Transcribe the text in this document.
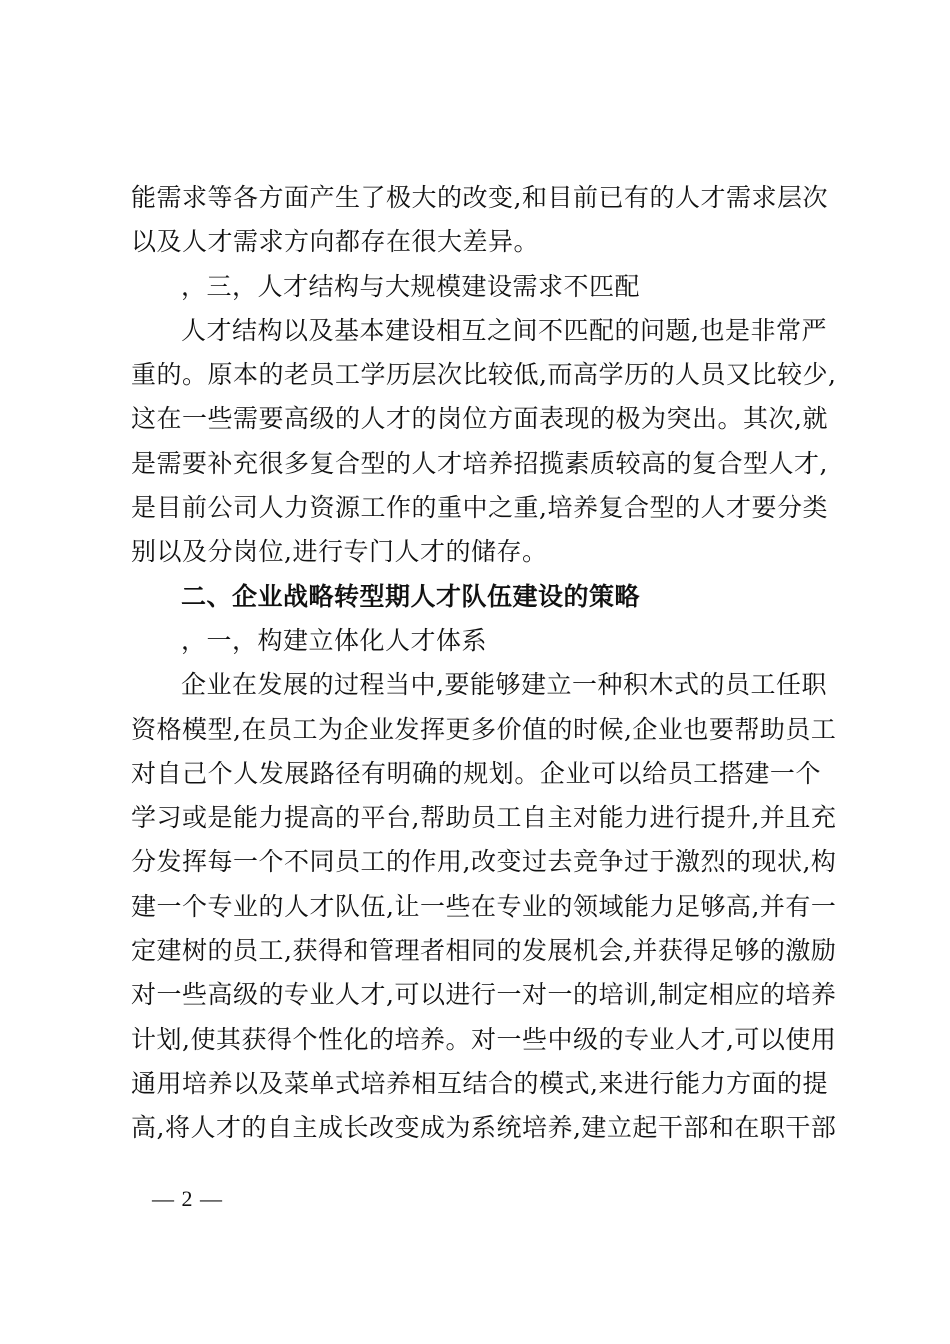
能需求等各方面产生了极大的改变,和目前已有的人才需求层次
以及人才需求方向都存在很大差异。
，三，人才结构与大规模建设需求不匹配
人才结构以及基本建设相互之间不匹配的问题,也是非常严
重的。原本的老员工学历层次比较低,而高学历的人员又比较少,
这在一些需要高级的人才的岗位方面表现的极为突出。其次,就
是需要补充很多复合型的人才培养招揽素质较高的复合型人才,
是目前公司人力资源工作的重中之重,培养复合型的人才要分类
别以及分岗位,进行专门人才的储存。
二、企业战略转型期人才队伍建设的策略
，一，构建立体化人才体系
企业在发展的过程当中,要能够建立一种积木式的员工任职
资格模型,在员工为企业发挥更多价值的时候,企业也要帮助员工
对自己个人发展路径有明确的规划。企业可以给员工搭建一个
学习或是能力提高的平台,帮助员工自主对能力进行提升,并且充
分发挥每一个不同员工的作用,改变过去竞争过于激烈的现状,构
建一个专业的人才队伍,让一些在专业的领域能力足够高,并有一
定建树的员工,获得和管理者相同的发展机会,并获得足够的激励
对一些高级的专业人才,可以进行一对一的培训,制定相应的培养
计划,使其获得个性化的培养。对一些中级的专业人才,可以使用
通用培养以及菜单式培养相互结合的模式,来进行能力方面的提
高,将人才的自主成长改变成为系统培养,建立起干部和在职干部
— 2 —
